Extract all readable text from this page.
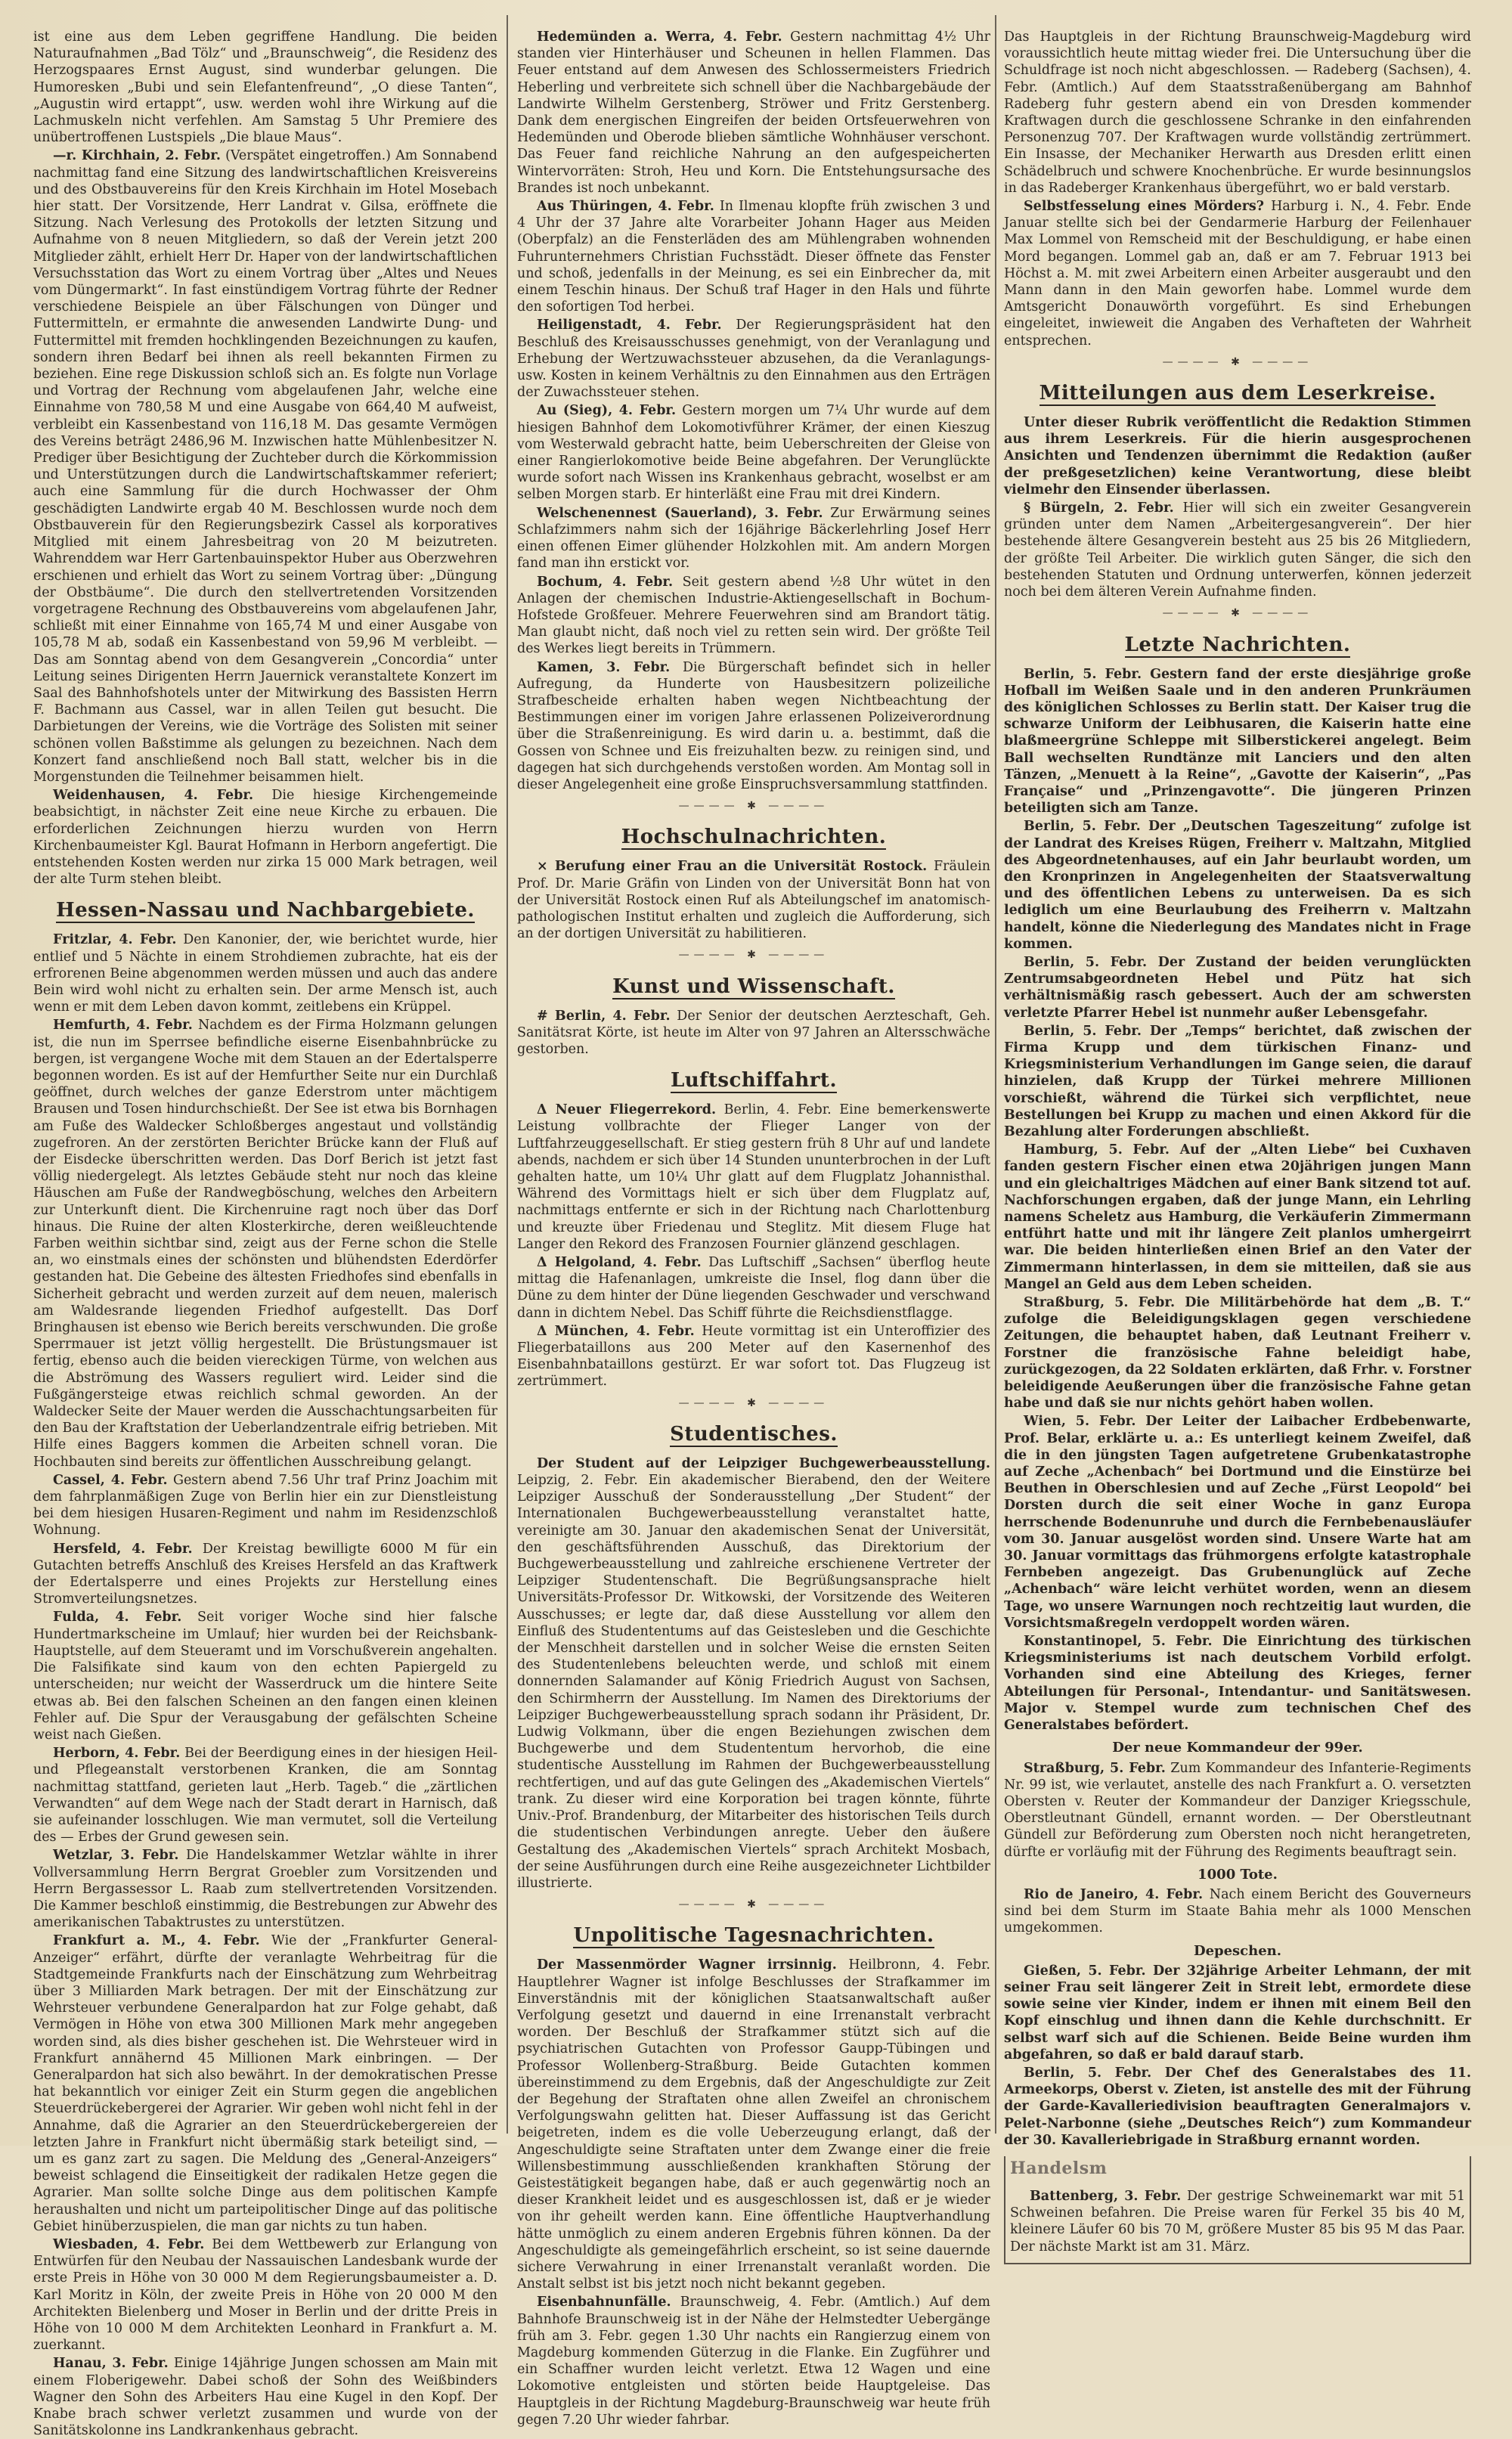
ist eine aus dem Leben gegriffene Handlung. Die beiden Naturaufnahmen „Bad Tölz“ und „Braunschweig“, die Residenz des Herzogspaares Ernst August, sind wunderbar gelungen. Die Humoresken „Bubi und sein Elefantenfreund“, „O diese Tanten“, „Augustin wird ertappt“, usw. werden wohl ihre Wirkung auf die Lachmuskeln nicht verfehlen. Am Samstag 5 Uhr Premiere des unübertroffenen Lustspiels „Die blaue Maus“.

—r. Kirchhain, 2. Febr. (Verspätet eingetroffen.) Am Sonnabend nachmittag fand eine Sitzung des landwirtschaftlichen Kreisvereins und des Obstbauvereins für den Kreis Kirchhain im Hotel Mosebach hier statt. Der Vorsitzende, Herr Landrat v. Gilsa, eröffnete die Sitzung. Nach Verlesung des Protokolls der letzten Sitzung und Aufnahme von 8 neuen Mitgliedern, so daß der Verein jetzt 200 Mitglieder zählt, erhielt Herr Dr. Haper von der landwirtschaftlichen Versuchsstation das Wort zu einem Vortrag über „Altes und Neues vom Düngermarkt“. In fast einstündigem Vortrag führte der Redner verschiedene Beispiele an über Fälschungen von Dünger und Futtermitteln, er ermahnte die anwesenden Landwirte Dung- und Futtermittel mit fremden hochklingenden Bezeichnungen zu kaufen, sondern ihren Bedarf bei ihnen als reell bekannten Firmen zu beziehen. Eine rege Diskussion schloß sich an. Es folgte nun Vorlage und Vortrag der Rechnung vom abgelaufenen Jahr, welche eine Einnahme von 780,58 M und eine Ausgabe von 664,40 M aufweist, verbleibt ein Kassenbestand von 116,18 M. Das gesamte Vermögen des Vereins beträgt 2486,96 M. Inzwischen hatte Mühlenbesitzer N. Prediger über Besichtigung der Zuchteber durch die Körkommission und Unterstützungen durch die Landwirtschaftskammer referiert; auch eine Sammlung für die durch Hochwasser der Ohm geschädigten Landwirte ergab 40 M. Beschlossen wurde noch dem Obstbauverein für den Regierungsbezirk Cassel als korporatives Mitglied mit einem Jahresbeitrag von 20 M beizutreten. Wahrenddem war Herr Gartenbauinspektor Huber aus Oberzwehren erschienen und erhielt das Wort zu seinem Vortrag über: „Düngung der Obstbäume“. Die durch den stellvertretenden Vorsitzenden vorgetragene Rechnung des Obstbauvereins vom abgelaufenen Jahr, schließt mit einer Einnahme von 165,74 M und einer Ausgabe von 105,78 M ab, sodaß ein Kassenbestand von 59,96 M verbleibt. — Das am Sonntag abend von dem Gesangverein „Concordia“ unter Leitung seines Dirigenten Herrn Jauernick veranstaltete Konzert im Saal des Bahnhofshotels unter der Mitwirkung des Bassisten Herrn F. Bachmann aus Cassel, war in allen Teilen gut besucht. Die Darbietungen der Vereins, wie die Vorträge des Solisten mit seiner schönen vollen Baßstimme als gelungen zu bezeichnen. Nach dem Konzert fand anschließend noch Ball statt, welcher bis in die Morgenstunden die Teilnehmer beisammen hielt.

Weidenhausen, 4. Febr. Die hiesige Kirchengemeinde beabsichtigt, in nächster Zeit eine neue Kirche zu erbauen. Die erforderlichen Zeichnungen hierzu wurden von Herrn Kirchenbaumeister Kgl. Baurat Hofmann in Herborn angefertigt. Die entstehenden Kosten werden nur zirka 15 000 Mark betragen, weil der alte Turm stehen bleibt.

Hessen-Nassau und Nachbargebiete.

Fritzlar, 4. Febr. Den Kanonier, der, wie berichtet wurde, hier entlief und 5 Nächte in einem Strohdiemen zubrachte, hat eis der erfrorenen Beine abgenommen werden müssen und auch das andere Bein wird wohl nicht zu erhalten sein. Der arme Mensch ist, auch wenn er mit dem Leben davon kommt, zeitlebens ein Krüppel.

Hemfurth, 4. Febr. Nachdem es der Firma Holzmann gelungen ist, die nun im Sperrsee befindliche eiserne Eisenbahnbrücke zu bergen, ist vergangene Woche mit dem Stauen an der Edertalsperre begonnen worden. Es ist auf der Hemfurther Seite nur ein Durchlaß geöffnet, durch welches der ganze Ederstrom unter mächtigem Brausen und Tosen hindurchschießt. Der See ist etwa bis Bornhagen am Fuße des Waldecker Schloßberges angestaut und vollständig zugefroren. An der zerstörten Berichter Brücke kann der Fluß auf der Eisdecke überschritten werden. Das Dorf Berich ist jetzt fast völlig niedergelegt. Als letztes Gebäude steht nur noch das kleine Häuschen am Fuße der Randwegböschung, welches den Arbeitern zur Unterkunft dient. Die Kirchenruine ragt noch über das Dorf hinaus. Die Ruine der alten Klosterkirche, deren weißleuchtende Farben weithin sichtbar sind, zeigt aus der Ferne schon die Stelle an, wo einstmals eines der schönsten und blühendsten Ederdörfer gestanden hat. Die Gebeine des ältesten Friedhofes sind ebenfalls in Sicherheit gebracht und werden zurzeit auf dem neuen, malerisch am Waldesrande liegenden Friedhof aufgestellt. Das Dorf Bringhausen ist ebenso wie Berich bereits verschwunden. Die große Sperrmauer ist jetzt völlig hergestellt. Die Brüstungsmauer ist fertig, ebenso auch die beiden viereckigen Türme, von welchen aus die Abströmung des Wassers reguliert wird. Leider sind die Fußgängersteige etwas reichlich schmal geworden. An der Waldecker Seite der Mauer werden die Ausschachtungsarbeiten für den Bau der Kraftstation der Ueberlandzentrale eifrig betrieben. Mit Hilfe eines Baggers kommen die Arbeiten schnell voran. Die Hochbauten sind bereits zur öffentlichen Ausschreibung gelangt.

Cassel, 4. Febr. Gestern abend 7.56 Uhr traf Prinz Joachim mit dem fahrplanmäßigen Zuge von Berlin hier ein zur Dienstleistung bei dem hiesigen Husaren-Regiment und nahm im Residenzschloß Wohnung.

Hersfeld, 4. Febr. Der Kreistag bewilligte 6000 M für ein Gutachten betreffs Anschluß des Kreises Hersfeld an das Kraftwerk der Edertalsperre und eines Projekts zur Herstellung eines Stromverteilungsnetzes.

Fulda, 4. Febr. Seit voriger Woche sind hier falsche Hundertmarkscheine im Umlauf; hier wurden bei der Reichsbank-Hauptstelle, auf dem Steueramt und im Vorschußverein angehalten. Die Falsifikate sind kaum von den echten Papiergeld zu unterscheiden; nur weicht der Wasserdruck um die hintere Seite etwas ab. Bei den falschen Scheinen an den fangen einen kleinen Fehler auf. Die Spur der Verausgabung der gefälschten Scheine weist nach Gießen.

Herborn, 4. Febr. Bei der Beerdigung eines in der hiesigen Heil- und Pflegeanstalt verstorbenen Kranken, die am Sonntag nachmittag stattfand, gerieten laut „Herb. Tageb.“ die „zärtlichen Verwandten“ auf dem Wege nach der Stadt derart in Harnisch, daß sie aufeinander losschlugen. Wie man vermutet, soll die Verteilung des — Erbes der Grund gewesen sein.

Wetzlar, 3. Febr. Die Handelskammer Wetzlar wählte in ihrer Vollversammlung Herrn Bergrat Groebler zum Vorsitzenden und Herrn Bergassessor L. Raab zum stellvertretenden Vorsitzenden. Die Kammer beschloß einstimmig, die Bestrebungen zur Abwehr des amerikanischen Tabaktrustes zu unterstützen.

Frankfurt a. M., 4. Febr. Wie der „Frankfurter General-Anzeiger“ erfährt, dürfte der veranlagte Wehrbeitrag für die Stadtgemeinde Frankfurts nach der Einschätzung zum Wehrbeitrag über 3 Milliarden Mark betragen. Der mit der Einschätzung zur Wehrsteuer verbundene Generalpardon hat zur Folge gehabt, daß Vermögen in Höhe von etwa 300 Millionen Mark mehr angegeben worden sind, als dies bisher geschehen ist. Die Wehrsteuer wird in Frankfurt annähernd 45 Millionen Mark einbringen. — Der Generalpardon hat sich also bewährt. In der demokratischen Presse hat bekanntlich vor einiger Zeit ein Sturm gegen die angeblichen Steuerdrückebergerei der Agrarier. Wir geben wohl nicht fehl in der Annahme, daß die Agrarier an den Steuerdrückebergereien der letzten Jahre in Frankfurt nicht übermäßig stark beteiligt sind, — um es ganz zart zu sagen. Die Meldung des „General-Anzeigers“ beweist schlagend die Einseitigkeit der radikalen Hetze gegen die Agrarier. Man sollte solche Dinge aus dem politischen Kampfe heraushalten und nicht um parteipolitischer Dinge auf das politische Gebiet hinüberzuspielen, die man gar nichts zu tun haben.

Wiesbaden, 4. Febr. Bei dem Wettbewerb zur Erlangung von Entwürfen für den Neubau der Nassauischen Landesbank wurde der erste Preis in Höhe von 30 000 M dem Regierungsbaumeister a. D. Karl Moritz in Köln, der zweite Preis in Höhe von 20 000 M den Architekten Bielenberg und Moser in Berlin und der dritte Preis in Höhe von 10 000 M dem Architekten Leonhard in Frankfurt a. M. zuerkannt.

Hanau, 3. Febr. Einige 14jährige Jungen schossen am Main mit einem Floberigewehr. Dabei schoß der Sohn des Weißbinders Wagner den Sohn des Arbeiters Hau eine Kugel in den Kopf. Der Knabe brach schwer verletzt zusammen und wurde von der Sanitätskolonne ins Landkrankenhaus gebracht.

Hedemünden a. Werra, 4. Febr. Gestern nachmittag 4½ Uhr standen vier Hinterhäuser und Scheunen in hellen Flammen. Das Feuer entstand auf dem Anwesen des Schlossermeisters Friedrich Heberling und verbreitete sich schnell über die Nachbargebäude der Landwirte Wilhelm Gerstenberg, Ströwer und Fritz Gerstenberg. Dank dem energischen Eingreifen der beiden Ortsfeuerwehren von Hedemünden und Oberode blieben sämtliche Wohnhäuser verschont. Das Feuer fand reichliche Nahrung an den aufgespeicherten Wintervorräten: Stroh, Heu und Korn. Die Entstehungsursache des Brandes ist noch unbekannt.

Aus Thüringen, 4. Febr. In Ilmenau klopfte früh zwischen 3 und 4 Uhr der 37 Jahre alte Vorarbeiter Johann Hager aus Meiden (Oberpfalz) an die Fensterläden des am Mühlengraben wohnenden Fuhrunternehmers Christian Fuchsstädt. Dieser öffnete das Fenster und schoß, jedenfalls in der Meinung, es sei ein Einbrecher da, mit einem Teschin hinaus. Der Schuß traf Hager in den Hals und führte den sofortigen Tod herbei.

Heiligenstadt, 4. Febr. Der Regierungspräsident hat den Beschluß des Kreisausschusses genehmigt, von der Veranlagung und Erhebung der Wertzuwachssteuer abzusehen, da die Veranlagungs- usw. Kosten in keinem Verhältnis zu den Einnahmen aus den Erträgen der Zuwachssteuer stehen.

Au (Sieg), 4. Febr. Gestern morgen um 7¼ Uhr wurde auf dem hiesigen Bahnhof dem Lokomotivführer Krämer, der einen Kieszug vom Westerwald gebracht hatte, beim Ueberschreiten der Gleise von einer Rangierlokomotive beide Beine abgefahren. Der Verunglückte wurde sofort nach Wissen ins Krankenhaus gebracht, woselbst er am selben Morgen starb. Er hinterläßt eine Frau mit drei Kindern.

Welschenennest (Sauerland), 3. Febr. Zur Erwärmung seines Schlafzimmers nahm sich der 16jährige Bäckerlehrling Josef Herr einen offenen Eimer glühender Holzkohlen mit. Am andern Morgen fand man ihn erstickt vor.

Bochum, 4. Febr. Seit gestern abend ½8 Uhr wütet in den Anlagen der chemischen Industrie-Aktiengesellschaft in Bochum-Hofstede Großfeuer. Mehrere Feuerwehren sind am Brandort tätig. Man glaubt nicht, daß noch viel zu retten sein wird. Der größte Teil des Werkes liegt bereits in Trümmern.

Kamen, 3. Febr. Die Bürgerschaft befindet sich in heller Aufregung, da Hunderte von Hausbesitzern polizeiliche Strafbescheide erhalten haben wegen Nichtbeachtung der Bestimmungen einer im vorigen Jahre erlassenen Polizeiverordnung über die Straßenreinigung. Es wird darin u. a. bestimmt, daß die Gossen von Schnee und Eis freizuhalten bezw. zu reinigen sind, und dagegen hat sich durchgehends verstoßen worden. Am Montag soll in dieser Angelegenheit eine große Einspruchsversammlung stattfinden.

———— ✱ ————
Hochschulnachrichten.

× Berufung einer Frau an die Universität Rostock. Fräulein Prof. Dr. Marie Gräfin von Linden von der Universität Bonn hat von der Universität Rostock einen Ruf als Abteilungschef im anatomisch-pathologischen Institut erhalten und zugleich die Aufforderung, sich an der dortigen Universität zu habilitieren.

———— ✱ ————
Kunst und Wissenschaft.

# Berlin, 4. Febr. Der Senior der deutschen Aerzteschaft, Geh. Sanitätsrat Körte, ist heute im Alter von 97 Jahren an Altersschwäche gestorben.

Luftschiffahrt.

Δ Neuer Fliegerrekord. Berlin, 4. Febr. Eine bemerkenswerte Leistung vollbrachte der Flieger Langer von der Luftfahrzeuggesellschaft. Er stieg gestern früh 8 Uhr auf und landete abends, nachdem er sich über 14 Stunden ununterbrochen in der Luft gehalten hatte, um 10¼ Uhr glatt auf dem Flugplatz Johannisthal. Während des Vormittags hielt er sich über dem Flugplatz auf, nachmittags entfernte er sich in der Richtung nach Charlottenburg und kreuzte über Friedenau und Steglitz. Mit diesem Fluge hat Langer den Rekord des Franzosen Fournier glänzend geschlagen.

Δ Helgoland, 4. Febr. Das Luftschiff „Sachsen“ überflog heute mittag die Hafenanlagen, umkreiste die Insel, flog dann über die Düne zu dem hinter der Düne liegenden Geschwader und verschwand dann in dichtem Nebel. Das Schiff führte die Reichsdienstflagge.

Δ München, 4. Febr. Heute vormittag ist ein Unteroffizier des Fliegerbataillons aus 200 Meter auf den Kasernenhof des Eisenbahnbataillons gestürzt. Er war sofort tot. Das Flugzeug ist zertrümmert.

———— ✱ ————
Studentisches.

Der Student auf der Leipziger Buchgewerbeausstellung. Leipzig, 2. Febr. Ein akademischer Bierabend, den der Weitere Leipziger Ausschuß der Sonderausstellung „Der Student“ der Internationalen Buchgewerbeausstellung veranstaltet hatte, vereinigte am 30. Januar den akademischen Senat der Universität, den geschäftsführenden Ausschuß, das Direktorium der Buchgewerbeausstellung und zahlreiche erschienene Vertreter der Leipziger Studentenschaft. Die Begrüßungsansprache hielt Universitäts-Professor Dr. Witkowski, der Vorsitzende des Weiteren Ausschusses; er legte dar, daß diese Ausstellung vor allem den Einfluß des Studententums auf das Geistesleben und die Geschichte der Menschheit darstellen und in solcher Weise die ernsten Seiten des Studentenlebens beleuchten werde, und schloß mit einem donnernden Salamander auf König Friedrich August von Sachsen, den Schirmherrn der Ausstellung. Im Namen des Direktoriums der Leipziger Buchgewerbeausstellung sprach sodann ihr Präsident, Dr. Ludwig Volkmann, über die engen Beziehungen zwischen dem Buchgewerbe und dem Studententum hervorhob, die eine studentische Ausstellung im Rahmen der Buchgewerbeausstellung rechtfertigen, und auf das gute Gelingen des „Akademischen Viertels“ trank. Zu dieser wird eine Korporation bei tragen könnte, führte Univ.-Prof. Brandenburg, der Mitarbeiter des historischen Teils durch die studentischen Verbindungen anregte. Ueber den äußere Gestaltung des „Akademischen Viertels“ sprach Architekt Mosbach, der seine Ausführungen durch eine Reihe ausgezeichneter Lichtbilder illustrierte.

———— ✱ ————
Unpolitische Tagesnachrichten.

Der Massenmörder Wagner irrsinnig. Heilbronn, 4. Febr. Hauptlehrer Wagner ist infolge Beschlusses der Strafkammer im Einverständnis mit der königlichen Staatsanwaltschaft außer Verfolgung gesetzt und dauernd in eine Irrenanstalt verbracht worden. Der Beschluß der Strafkammer stützt sich auf die psychiatrischen Gutachten von Professor Gaupp-Tübingen und Professor Wollenberg-Straßburg. Beide Gutachten kommen übereinstimmend zu dem Ergebnis, daß der Angeschuldigte zur Zeit der Begehung der Straftaten ohne allen Zweifel an chronischem Verfolgungswahn gelitten hat. Dieser Auffassung ist das Gericht beigetreten, indem es die volle Ueberzeugung erlangt, daß der Angeschuldigte seine Straftaten unter dem Zwange einer die freie Willensbestimmung ausschließenden krankhaften Störung der Geistestätigkeit begangen habe, daß er auch gegenwärtig noch an dieser Krankheit leidet und es ausgeschlossen ist, daß er je wieder von ihr geheilt werden kann. Eine öffentliche Hauptverhandlung hätte unmöglich zu einem anderen Ergebnis führen können. Da der Angeschuldigte als gemeingefährlich erscheint, so ist seine dauernde sichere Verwahrung in einer Irrenanstalt veranlaßt worden. Die Anstalt selbst ist bis jetzt noch nicht bekannt gegeben.

Eisenbahnunfälle. Braunschweig, 4. Febr. (Amtlich.) Auf dem Bahnhofe Braunschweig ist in der Nähe der Helmstedter Uebergänge früh am 3. Febr. gegen 1.30 Uhr nachts ein Rangierzug einem von Magdeburg kommenden Güterzug in die Flanke. Ein Zugführer und ein Schaffner wurden leicht verletzt. Etwa 12 Wagen und eine Lokomotive entgleisten und störten beide Hauptgeleise. Das Hauptgleis in der Richtung Magdeburg-Braunschweig war heute früh gegen 7.20 Uhr wieder fahrbar.

Das Hauptgleis in der Richtung Braunschweig-Magdeburg wird voraussichtlich heute mittag wieder frei. Die Untersuchung über die Schuldfrage ist noch nicht abgeschlossen. — Radeberg (Sachsen), 4. Febr. (Amtlich.) Auf dem Staatsstraßenübergang am Bahnhof Radeberg fuhr gestern abend ein von Dresden kommender Kraftwagen durch die geschlossene Schranke in den einfahrenden Personenzug 707. Der Kraftwagen wurde vollständig zertrümmert. Ein Insasse, der Mechaniker Herwarth aus Dresden erlitt einen Schädelbruch und schwere Knochenbrüche. Er wurde besinnungslos in das Radeberger Krankenhaus übergeführt, wo er bald verstarb.

Selbstfesselung eines Mörders? Harburg i. N., 4. Febr. Ende Januar stellte sich bei der Gendarmerie Harburg der Feilenhauer Max Lommel von Remscheid mit der Beschuldigung, er habe einen Mord begangen. Lommel gab an, daß er am 7. Februar 1913 bei Höchst a. M. mit zwei Arbeitern einen Arbeiter ausgeraubt und den Mann dann in den Main geworfen habe. Lommel wurde dem Amtsgericht Donauwörth vorgeführt. Es sind Erhebungen eingeleitet, inwieweit die Angaben des Verhafteten der Wahrheit entsprechen.

———— ✱ ————
Mitteilungen aus dem Leserkreise.

Unter dieser Rubrik veröffentlicht die Redaktion Stimmen aus ihrem Leserkreis. Für die hierin ausgesprochenen Ansichten und Tendenzen übernimmt die Redaktion (außer der preßgesetzlichen) keine Verantwortung, diese bleibt vielmehr den Einsender überlassen.

§ Bürgeln, 2. Febr. Hier will sich ein zweiter Gesangverein gründen unter dem Namen „Arbeitergesangverein“. Der hier bestehende ältere Gesangverein besteht aus 25 bis 26 Mitgliedern, der größte Teil Arbeiter. Die wirklich guten Sänger, die sich den bestehenden Statuten und Ordnung unterwerfen, können jederzeit noch bei dem älteren Verein Aufnahme finden.

———— ✱ ————
Letzte Nachrichten.

Berlin, 5. Febr. Gestern fand der erste diesjährige große Hofball im Weißen Saale und in den anderen Prunkräumen des königlichen Schlosses zu Berlin statt. Der Kaiser trug die schwarze Uniform der Leibhusaren, die Kaiserin hatte eine blaßmeergrüne Schleppe mit Silberstickerei angelegt. Beim Ball wechselten Rundtänze mit Lanciers und den alten Tänzen, „Menuett à la Reine“, „Gavotte der Kaiserin“, „Pas Française“ und „Prinzengavotte“. Die jüngeren Prinzen beteiligten sich am Tanze.

Berlin, 5. Febr. Der „Deutschen Tageszeitung“ zufolge ist der Landrat des Kreises Rügen, Freiherr v. Maltzahn, Mitglied des Abgeordnetenhauses, auf ein Jahr beurlaubt worden, um den Kronprinzen in Angelegenheiten der Staatsverwaltung und des öffentlichen Lebens zu unterweisen. Da es sich lediglich um eine Beurlaubung des Freiherrn v. Maltzahn handelt, könne die Niederlegung des Mandates nicht in Frage kommen.

Berlin, 5. Febr. Der Zustand der beiden verunglückten Zentrumsabgeordneten Hebel und Pütz hat sich verhältnismäßig rasch gebessert. Auch der am schwersten verletzte Pfarrer Hebel ist nunmehr außer Lebensgefahr.

Berlin, 5. Febr. Der „Temps“ berichtet, daß zwischen der Firma Krupp und dem türkischen Finanz- und Kriegsministerium Verhandlungen im Gange seien, die darauf hinzielen, daß Krupp der Türkei mehrere Millionen vorschießt, während die Türkei sich verpflichtet, neue Bestellungen bei Krupp zu machen und einen Akkord für die Bezahlung alter Forderungen abschließt.

Hamburg, 5. Febr. Auf der „Alten Liebe“ bei Cuxhaven fanden gestern Fischer einen etwa 20jährigen jungen Mann und ein gleichaltriges Mädchen auf einer Bank sitzend tot auf. Nachforschungen ergaben, daß der junge Mann, ein Lehrling namens Scheletz aus Hamburg, die Verkäuferin Zimmermann entführt hatte und mit ihr längere Zeit planlos umhergeirrt war. Die beiden hinterließen einen Brief an den Vater der Zimmermann hinterlassen, in dem sie mitteilen, daß sie aus Mangel an Geld aus dem Leben scheiden.

Straßburg, 5. Febr. Die Militärbehörde hat dem „B. T.“ zufolge die Beleidigungsklagen gegen verschiedene Zeitungen, die behauptet haben, daß Leutnant Freiherr v. Forstner die französische Fahne beleidigt habe, zurückgezogen, da 22 Soldaten erklärten, daß Frhr. v. Forstner beleidigende Aeußerungen über die französische Fahne getan habe und daß sie nur nichts gehört haben wollen.

Wien, 5. Febr. Der Leiter der Laibacher Erdbebenwarte, Prof. Belar, erklärte u. a.: Es unterliegt keinem Zweifel, daß die in den jüngsten Tagen aufgetretene Grubenkatastrophe auf Zeche „Achenbach“ bei Dortmund und die Einstürze bei Beuthen in Oberschlesien und auf Zeche „Fürst Leopold“ bei Dorsten durch die seit einer Woche in ganz Europa herrschende Bodenunruhe und durch die Fernbebenausläufer vom 30. Januar ausgelöst worden sind. Unsere Warte hat am 30. Januar vormittags das frühmorgens erfolgte katastrophale Fernbeben angezeigt. Das Grubenunglück auf Zeche „Achenbach“ wäre leicht verhütet worden, wenn an diesem Tage, wo unsere Warnungen noch rechtzeitig laut wurden, die Vorsichtsmaßregeln verdoppelt worden wären.

Konstantinopel, 5. Febr. Die Einrichtung des türkischen Kriegsministeriums ist nach deutschem Vorbild erfolgt. Vorhanden sind eine Abteilung des Krieges, ferner Abteilungen für Personal-, Intendantur- und Sanitätswesen. Major v. Stempel wurde zum technischen Chef des Generalstabes befördert.

Der neue Kommandeur der 99er.

Straßburg, 5. Febr. Zum Kommandeur des Infanterie-Regiments Nr. 99 ist, wie verlautet, anstelle des nach Frankfurt a. O. versetzten Obersten v. Reuter der Kommandeur der Danziger Kriegsschule, Oberstleutnant Gündell, ernannt worden. — Der Oberstleutnant Gündell zur Beförderung zum Obersten noch nicht herangetreten, dürfte er vorläufig mit der Führung des Regiments beauftragt sein.

1000 Tote.

Rio de Janeiro, 4. Febr. Nach einem Bericht des Gouverneurs sind bei dem Sturm im Staate Bahia mehr als 1000 Menschen umgekommen.

Depeschen.

Gießen, 5. Febr. Der 32jährige Arbeiter Lehmann, der mit seiner Frau seit längerer Zeit in Streit lebt, ermordete diese sowie seine vier Kinder, indem er ihnen mit einem Beil den Kopf einschlug und ihnen dann die Kehle durchschnitt. Er selbst warf sich auf die Schienen. Beide Beine wurden ihm abgefahren, so daß er bald darauf starb.

Berlin, 5. Febr. Der Chef des Generalstabes des 11. Armeekorps, Oberst v. Zieten, ist anstelle des mit der Führung der Garde-Kavalleriedivision beauftragten Generalmajors v. Pelet-Narbonne (siehe „Deutsches Reich“) zum Kommandeur der 30. Kavalleriebrigade in Straßburg ernannt worden.

Handelsm

Battenberg, 3. Febr. Der gestrige Schweinemarkt war mit 51 Schweinen befahren. Die Preise waren für Ferkel 35 bis 40 M, kleinere Läufer 60 bis 70 M, größere Muster 85 bis 95 M das Paar. Der nächste Markt ist am 31. März.
